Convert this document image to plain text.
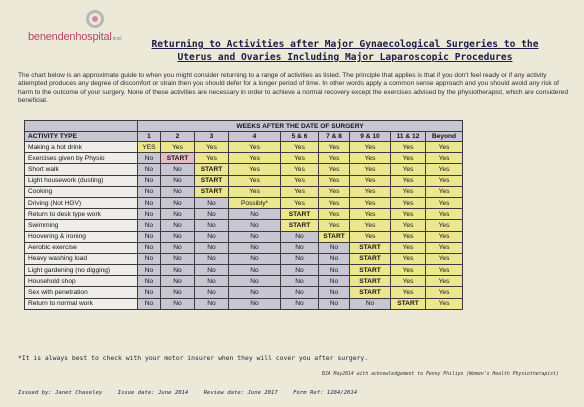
benendenhospitaltrust	Returning to Activities after Major Gynaecological Surgeries to the Uterus and Ovaries Including Major Laparoscopic Procedures
The chart below is an approximate guide to when you might consider returning to a range of activities as listed. The principle that applies is that if you don't feel ready or if any activity attempted produces any degree of discomfort or strain then you should defer for a longer period of time. In other words apply a common sense approach and you should avoid any risk of harm to the outcome of your surgery. None of these activities are necessary in order to achieve a normal recovery except the exercises advised by the physiotherapist, which are considered beneficial.
	WEEKS AFTER THE DATE OF SURGERY								
ACTIVITY TYPE	1	2	3	4	5 & 6	7 & 8	9 & 10	11 & 12	Beyond
Making a hot drink	YES	Yes	Yes	Yes	Yes	Yes	Yes	Yes	Yes
Exercises given by Physio	No	START	Yes	Yes	Yes	Yes	Yes	Yes	Yes
Short walk	No	No	START	Yes	Yes	Yes	Yes	Yes	Yes
Light housework (dusting)	No	No	START	Yes	Yes	Yes	Yes	Yes	Yes
Cooking	No	No	START	Yes	Yes	Yes	Yes	Yes	Yes
Driving (Not HGV)	No	No	No	Possibly*	Yes	Yes	Yes	Yes	Yes
Return to desk type work	No	No	No	No	START	Yes	Yes	Yes	Yes
Swimming	No	No	No	No	START	Yes	Yes	Yes	Yes
Hoovering & ironing	No	No	No	No	No	START	Yes	Yes	Yes
Aerobic exercise	No	No	No	No	No	No	START	Yes	Yes
Heavy washing load	No	No	No	No	No	No	START	Yes	Yes
Light gardening (no digging)	No	No	No	No	No	No	START	Yes	Yes
Household shop	No	No	No	No	No	No	START	Yes	Yes
Sex with penetration	No	No	No	No	No	No	START	Yes	Yes
Return to normal work	No	No	No	No	No	No	No	START	Yes
*It is always best to check with your motor insurer when they will cover you after surgery.
BJA May2014 with acknowledgement to Penny Philips (Women's Health Physiotherapist)
Issued by: Janet Chaseley	Issue date: June 2014	Review date: June 2017	Form Ref: 1284/2014
